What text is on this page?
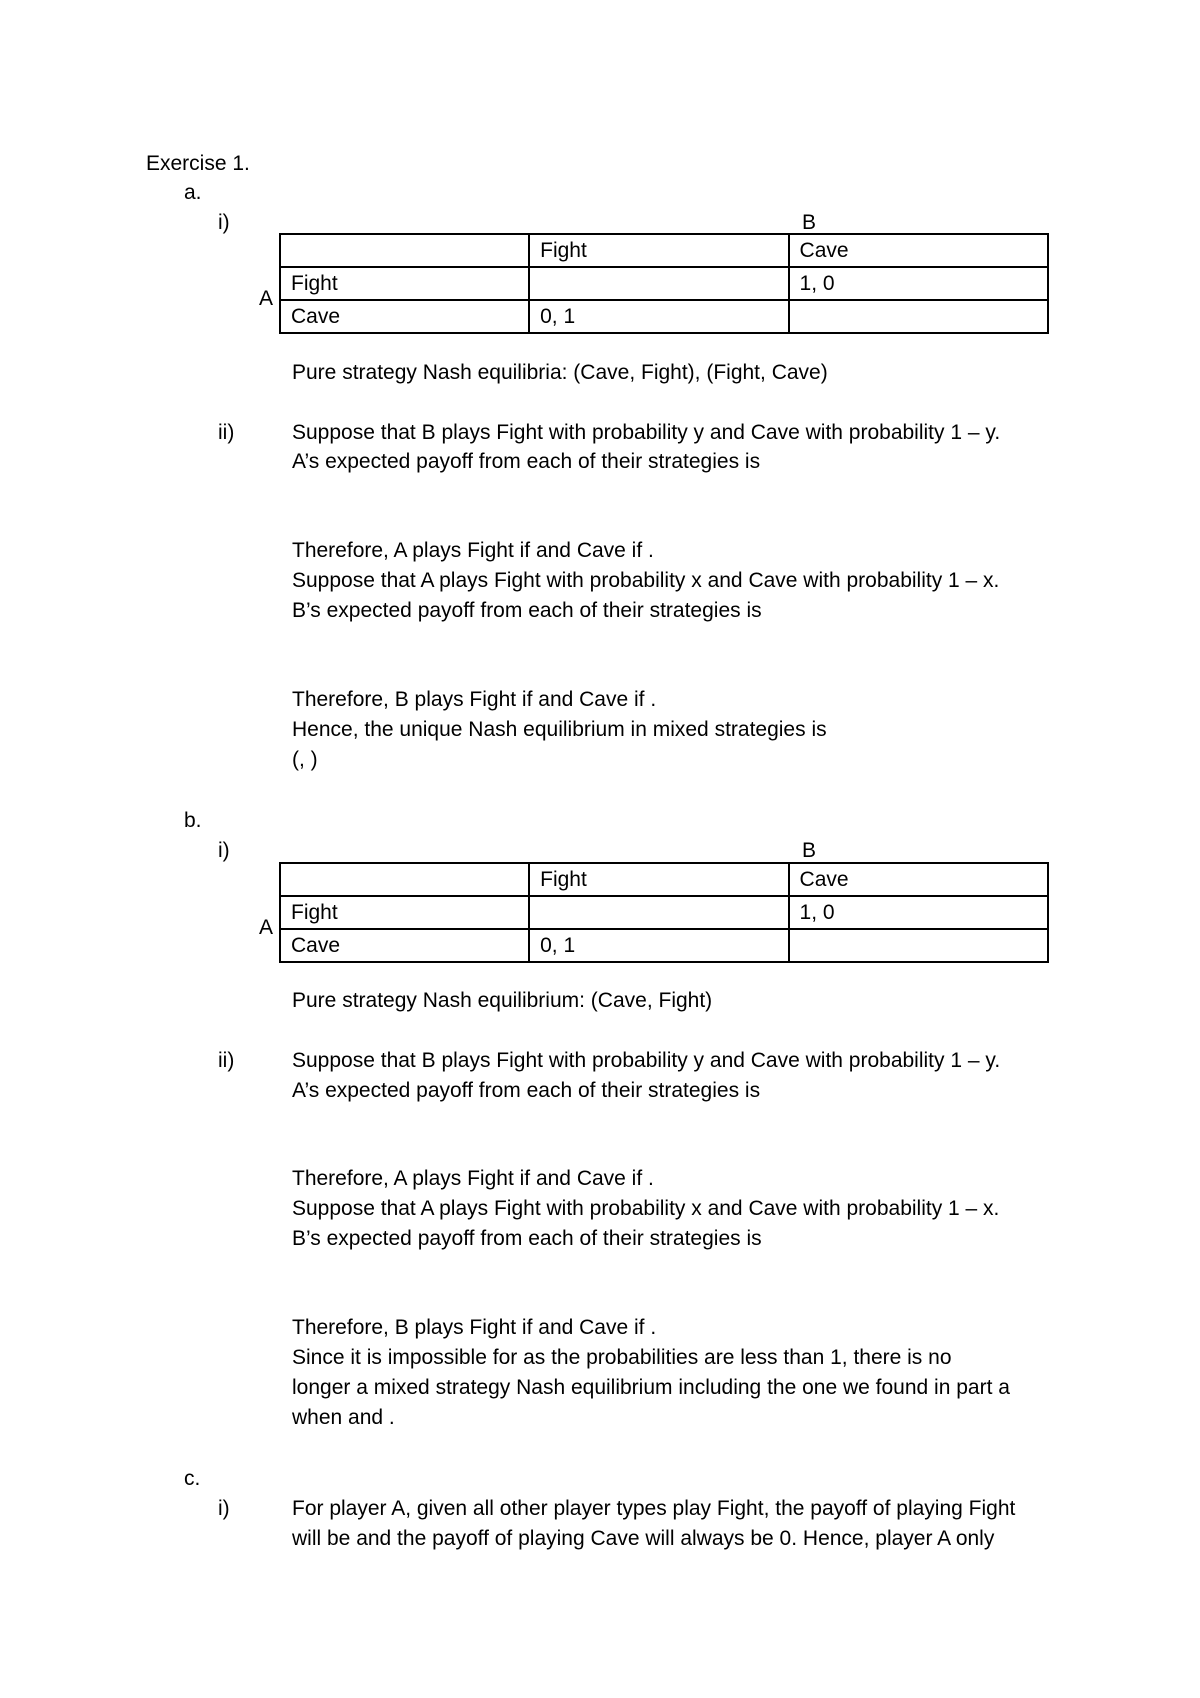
Exercise 1.
a.
i)	B
A
	Fight	Cave
Fight		1, 0
Cave	0, 1	
Pure strategy Nash equilibria: (Cave, Fight), (Fight, Cave)
ii)	Suppose that B plays Fight with probability y and Cave with probability 1 – y.
A’s expected payoff from each of their strategies is
Therefore, A plays Fight if and Cave if .
Suppose that A plays Fight with probability x and Cave with probability 1 – x.
B’s expected payoff from each of their strategies is
Therefore, B plays Fight if and Cave if .
Hence, the unique Nash equilibrium in mixed strategies is
(, )
b.
i)	B
A
	Fight	Cave
Fight		1, 0
Cave	0, 1	
Pure strategy Nash equilibrium: (Cave, Fight)
ii)	Suppose that B plays Fight with probability y and Cave with probability 1 – y.
A’s expected payoff from each of their strategies is
Therefore, A plays Fight if and Cave if .
Suppose that A plays Fight with probability x and Cave with probability 1 – x.
B’s expected payoff from each of their strategies is
Therefore, B plays Fight if and Cave if .
Since it is impossible for as the probabilities are less than 1, there is no
longer a mixed strategy Nash equilibrium including the one we found in part a
when and .
c.
i)	For player A, given all other player types play Fight, the payoff of playing Fight
will be and the payoff of playing Cave will always be 0. Hence, player A only
